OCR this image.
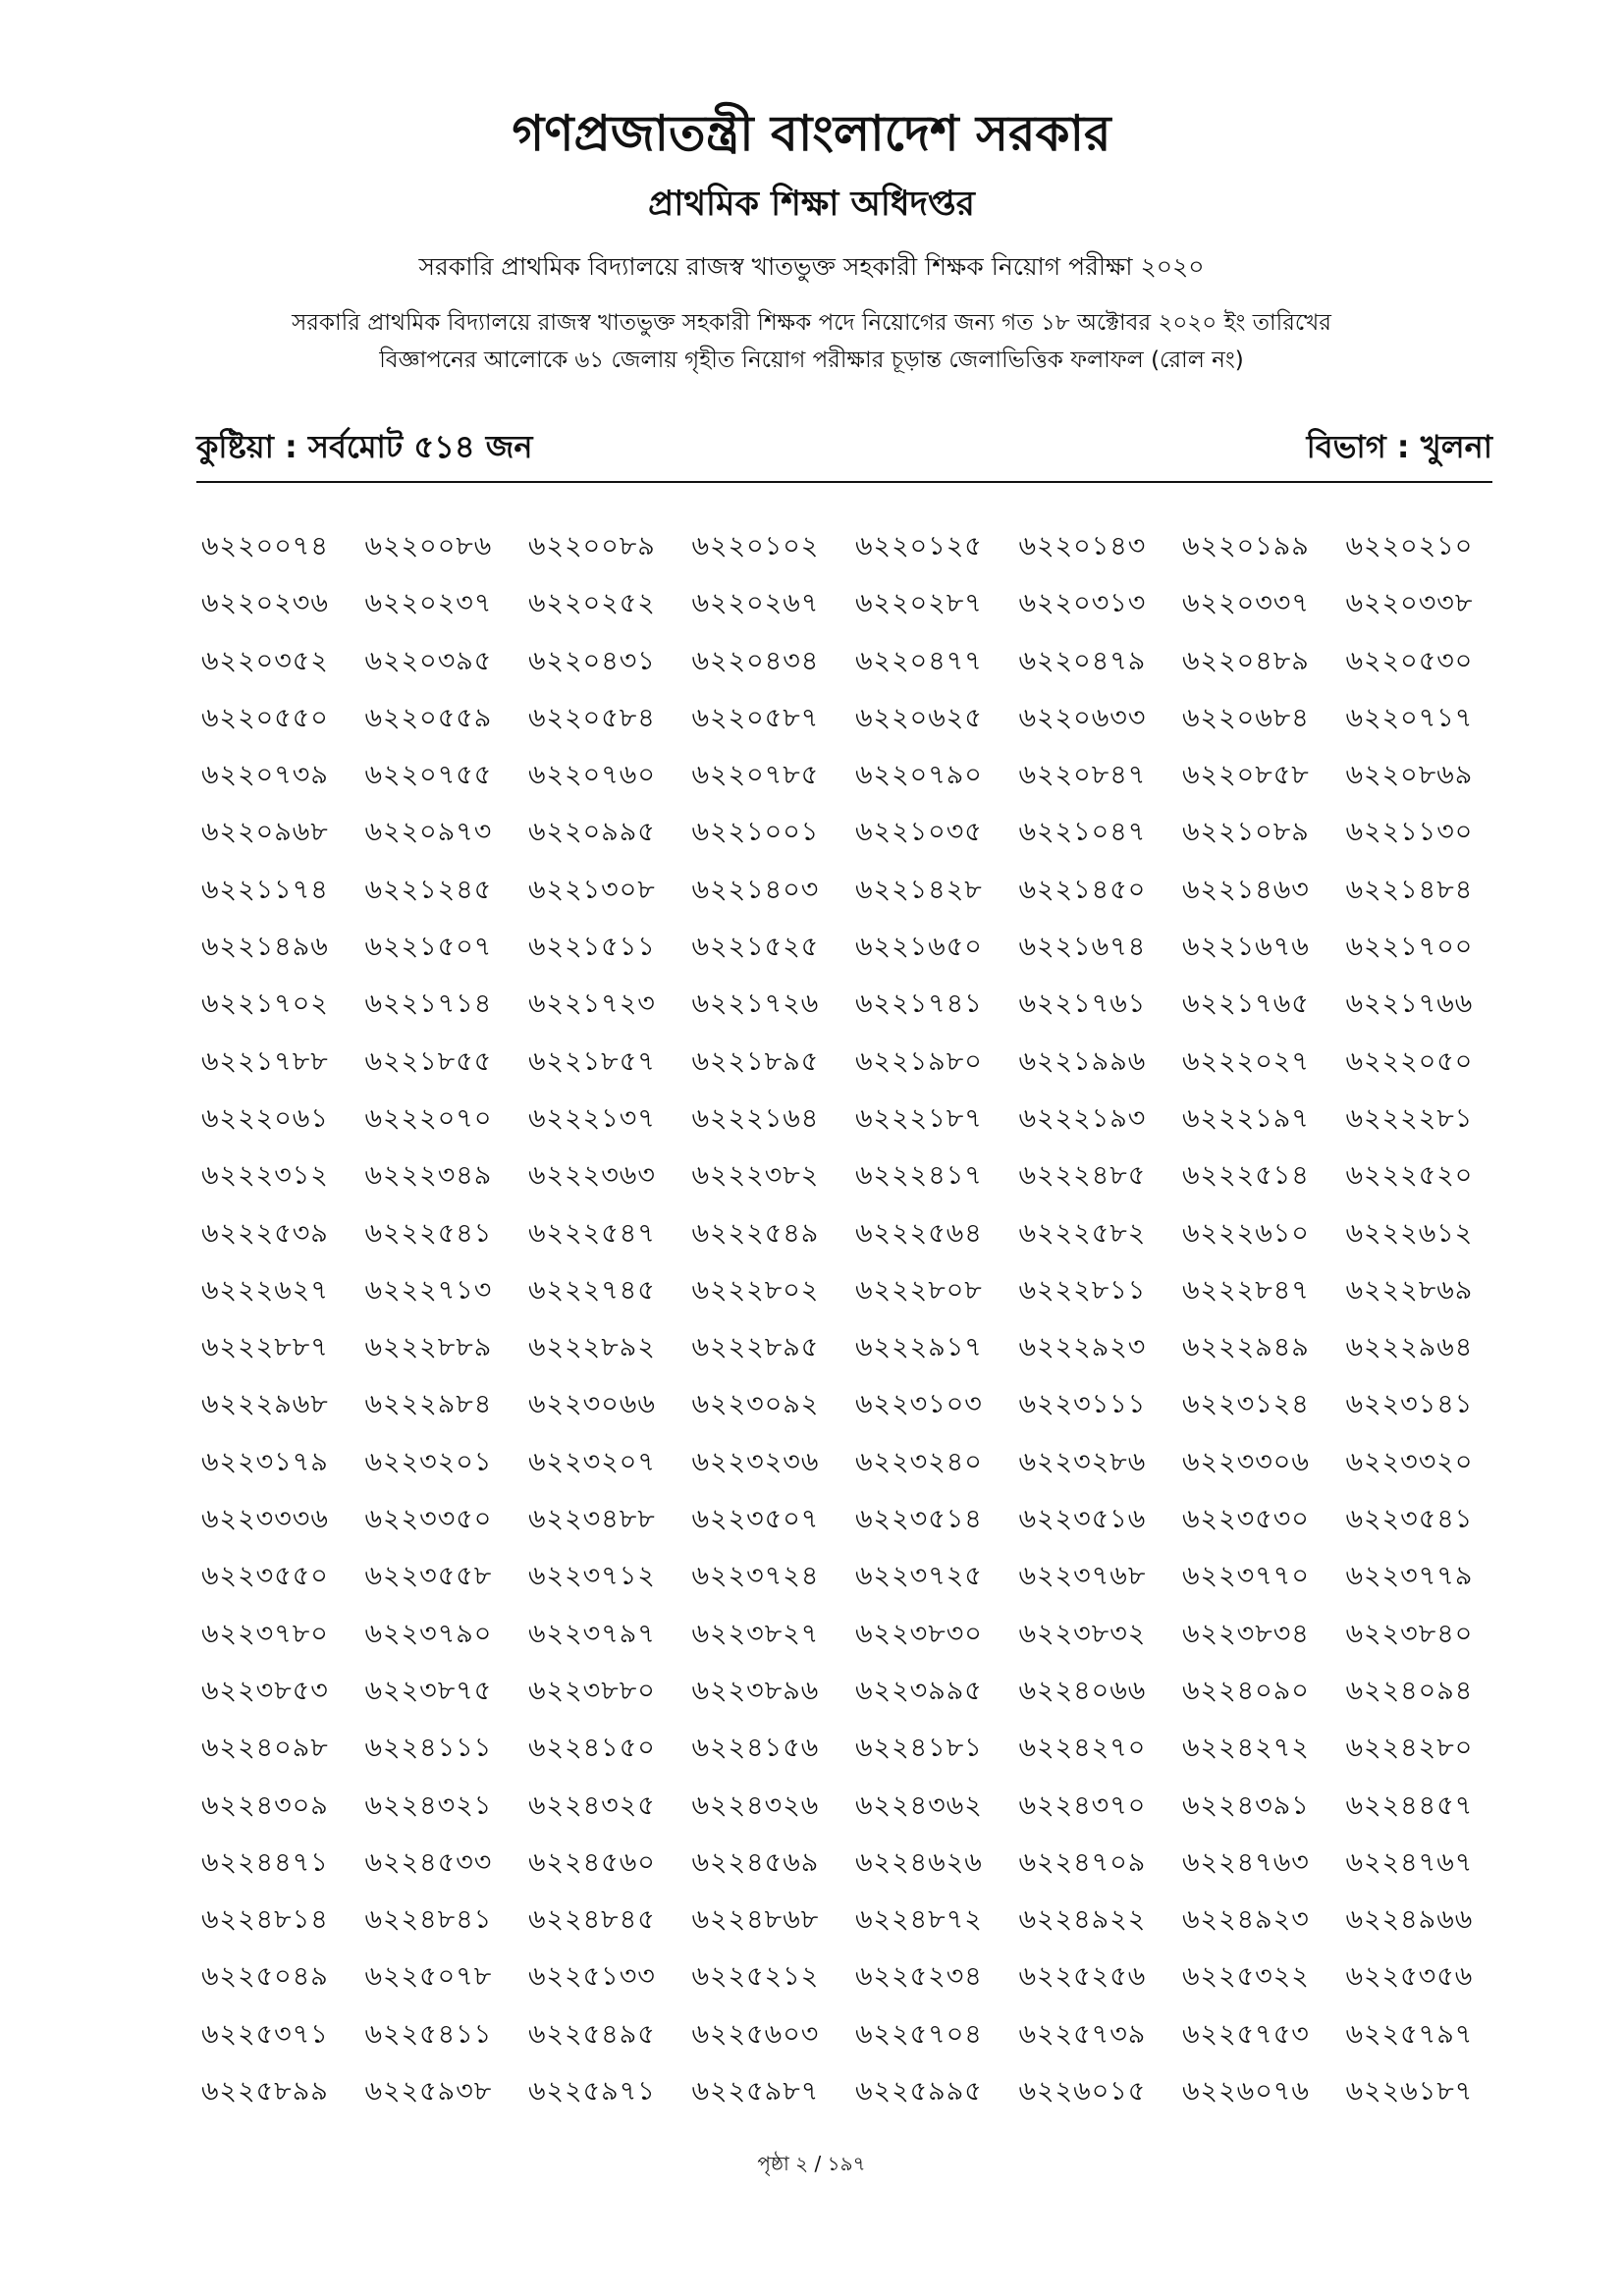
গণপ্রজাতন্ত্রী বাংলাদেশ সরকার
প্রাথমিক শিক্ষা অধিদপ্তর
সরকারি প্রাথমিক বিদ্যালয়ে রাজস্ব খাতভুক্ত সহকারী শিক্ষক নিয়োগ পরীক্ষা ২০২০
সরকারি প্রাথমিক বিদ্যালয়ে রাজস্ব খাতভুক্ত সহকারী শিক্ষক পদে নিয়োগের জন্য গত ১৮ অক্টোবর ২০২০ ইং তারিখের
বিজ্ঞাপনের আলোকে ৬১ জেলায় গৃহীত নিয়োগ পরীক্ষার চূড়ান্ত জেলাভিত্তিক ফলাফল (রোল নং)
কুষ্টিয়া : সর্বমোট ৫১৪ জন	বিভাগ : খুলনা
৬২২০০৭৪	৬২২০০৮৬	৬২২০০৮৯	৬২২০১০২	৬২২০১২৫	৬২২০১৪৩	৬২২০১৯৯	৬২২০২১০
৬২২০২৩৬	৬২২০২৩৭	৬২২০২৫২	৬২২০২৬৭	৬২২০২৮৭	৬২২০৩১৩	৬২২০৩৩৭	৬২২০৩৩৮
৬২২০৩৫২	৬২২০৩৯৫	৬২২০৪৩১	৬২২০৪৩৪	৬২২০৪৭৭	৬২২০৪৭৯	৬২২০৪৮৯	৬২২০৫৩০
৬২২০৫৫০	৬২২০৫৫৯	৬২২০৫৮৪	৬২২০৫৮৭	৬২২০৬২৫	৬২২০৬৩৩	৬২২০৬৮৪	৬২২০৭১৭
৬২২০৭৩৯	৬২২০৭৫৫	৬২২০৭৬০	৬২২০৭৮৫	৬২২০৭৯০	৬২২০৮৪৭	৬২২০৮৫৮	৬২২০৮৬৯
৬২২০৯৬৮	৬২২০৯৭৩	৬২২০৯৯৫	৬২২১০০১	৬২২১০৩৫	৬২২১০৪৭	৬২২১০৮৯	৬২২১১৩০
৬২২১১৭৪	৬২২১২৪৫	৬২২১৩০৮	৬২২১৪০৩	৬২২১৪২৮	৬২২১৪৫০	৬২২১৪৬৩	৬২২১৪৮৪
৬২২১৪৯৬	৬২২১৫০৭	৬২২১৫১১	৬২২১৫২৫	৬২২১৬৫০	৬২২১৬৭৪	৬২২১৬৭৬	৬২২১৭০০
৬২২১৭০২	৬২২১৭১৪	৬২২১৭২৩	৬২২১৭২৬	৬২২১৭৪১	৬২২১৭৬১	৬২২১৭৬৫	৬২২১৭৬৬
৬২২১৭৮৮	৬২২১৮৫৫	৬২২১৮৫৭	৬২২১৮৯৫	৬২২১৯৮০	৬২২১৯৯৬	৬২২২০২৭	৬২২২০৫০
৬২২২০৬১	৬২২২০৭০	৬২২২১৩৭	৬২২২১৬৪	৬২২২১৮৭	৬২২২১৯৩	৬২২২১৯৭	৬২২২২৮১
৬২২২৩১২	৬২২২৩৪৯	৬২২২৩৬৩	৬২২২৩৮২	৬২২২৪১৭	৬২২২৪৮৫	৬২২২৫১৪	৬২২২৫২০
৬২২২৫৩৯	৬২২২৫৪১	৬২২২৫৪৭	৬২২২৫৪৯	৬২২২৫৬৪	৬২২২৫৮২	৬২২২৬১০	৬২২২৬১২
৬২২২৬২৭	৬২২২৭১৩	৬২২২৭৪৫	৬২২২৮০২	৬২২২৮০৮	৬২২২৮১১	৬২২২৮৪৭	৬২২২৮৬৯
৬২২২৮৮৭	৬২২২৮৮৯	৬২২২৮৯২	৬২২২৮৯৫	৬২২২৯১৭	৬২২২৯২৩	৬২২২৯৪৯	৬২২২৯৬৪
৬২২২৯৬৮	৬২২২৯৮৪	৬২২৩০৬৬	৬২২৩০৯২	৬২২৩১০৩	৬২২৩১১১	৬২২৩১২৪	৬২২৩১৪১
৬২২৩১৭৯	৬২২৩২০১	৬২২৩২০৭	৬২২৩২৩৬	৬২২৩২৪০	৬২২৩২৮৬	৬২২৩৩০৬	৬২২৩৩২০
৬২২৩৩৩৬	৬২২৩৩৫০	৬২২৩৪৮৮	৬২২৩৫০৭	৬২২৩৫১৪	৬২২৩৫১৬	৬২২৩৫৩০	৬২২৩৫৪১
৬২২৩৫৫০	৬২২৩৫৫৮	৬২২৩৭১২	৬২২৩৭২৪	৬২২৩৭২৫	৬২২৩৭৬৮	৬২২৩৭৭০	৬২২৩৭৭৯
৬২২৩৭৮০	৬২২৩৭৯০	৬২২৩৭৯৭	৬২২৩৮২৭	৬২২৩৮৩০	৬২২৩৮৩২	৬২২৩৮৩৪	৬২২৩৮৪০
৬২২৩৮৫৩	৬২২৩৮৭৫	৬২২৩৮৮০	৬২২৩৮৯৬	৬২২৩৯৯৫	৬২২৪০৬৬	৬২২৪০৯০	৬২২৪০৯৪
৬২২৪০৯৮	৬২২৪১১১	৬২২৪১৫০	৬২২৪১৫৬	৬২২৪১৮১	৬২২৪২৭০	৬২২৪২৭২	৬২২৪২৮০
৬২২৪৩০৯	৬২২৪৩২১	৬২২৪৩২৫	৬২২৪৩২৬	৬২২৪৩৬২	৬২২৪৩৭০	৬২২৪৩৯১	৬২২৪৪৫৭
৬২২৪৪৭১	৬২২৪৫৩৩	৬২২৪৫৬০	৬২২৪৫৬৯	৬২২৪৬২৬	৬২২৪৭০৯	৬২২৪৭৬৩	৬২২৪৭৬৭
৬২২৪৮১৪	৬২২৪৮৪১	৬২২৪৮৪৫	৬২২৪৮৬৮	৬২২৪৮৭২	৬২২৪৯২২	৬২২৪৯২৩	৬২২৪৯৬৬
৬২২৫০৪৯	৬২২৫০৭৮	৬২২৫১৩৩	৬২২৫২১২	৬২২৫২৩৪	৬২২৫২৫৬	৬২২৫৩২২	৬২২৫৩৫৬
৬২২৫৩৭১	৬২২৫৪১১	৬২২৫৪৯৫	৬২২৫৬০৩	৬২২৫৭০৪	৬২২৫৭৩৯	৬২২৫৭৫৩	৬২২৫৭৯৭
৬২২৫৮৯৯	৬২২৫৯৩৮	৬২২৫৯৭১	৬২২৫৯৮৭	৬২২৫৯৯৫	৬২২৬০১৫	৬২২৬০৭৬	৬২২৬১৮৭
পৃষ্ঠা ২ / ১৯৭
